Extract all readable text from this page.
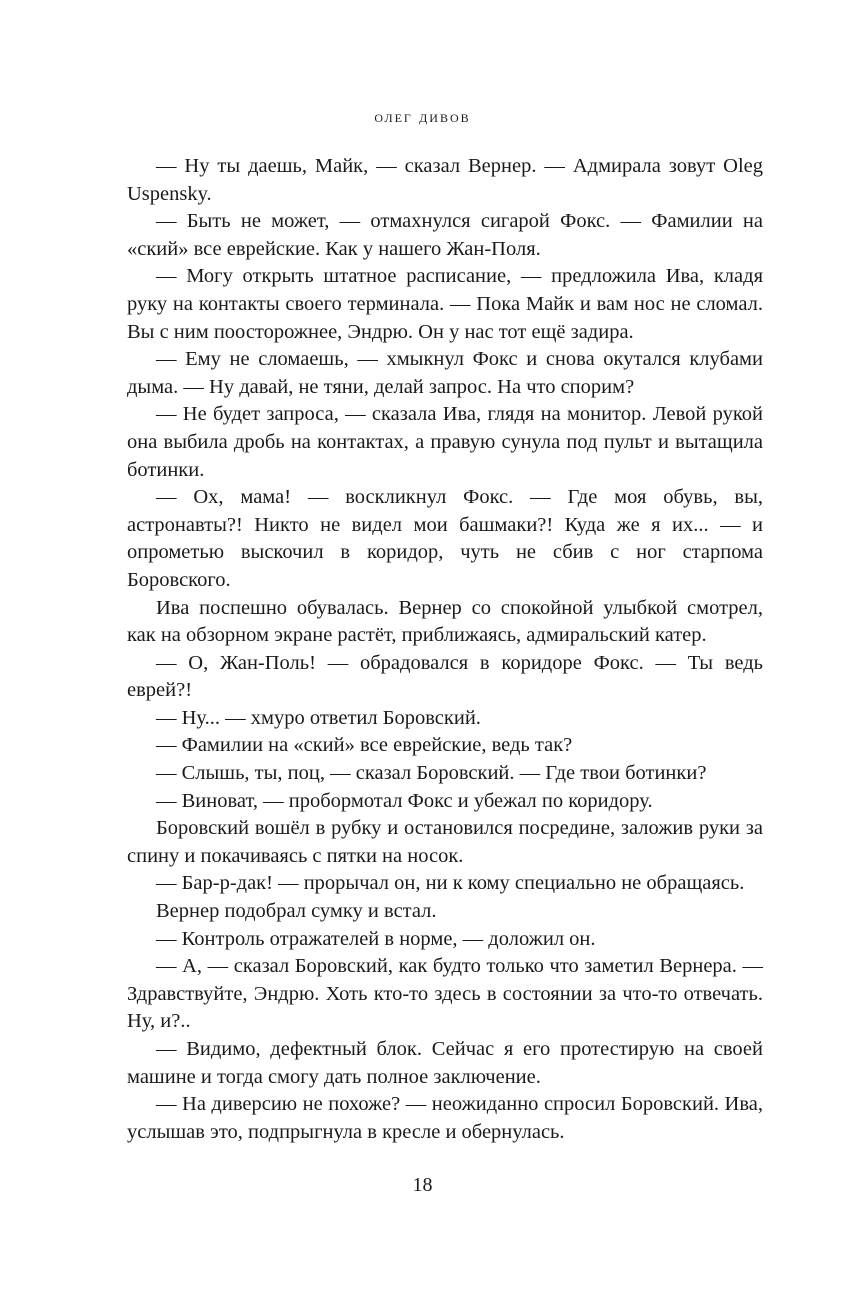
олег дивов

— Ну ты даешь, Майк, — сказал Вернер. — Адмирала зовут Oleg Uspensky.

— Быть не может, — отмахнулся сигарой Фокс. — Фамилии на «ский» все еврейские. Как у нашего Жан-Поля.

— Могу открыть штатное расписание, — предложила Ива, кладя руку на контакты своего терминала. — Пока Майк и вам нос не сломал. Вы с ним поосторожнее, Эндрю. Он у нас тот ещё задира.

— Ему не сломаешь, — хмыкнул Фокс и снова окутался клубами дыма. — Ну давай, не тяни, делай запрос. На что спорим?

— Не будет запроса, — сказала Ива, глядя на монитор. Левой рукой она выбила дробь на контактах, а правую сунула под пульт и вытащила ботинки.

— Ох, мама! — воскликнул Фокс. — Где моя обувь, вы, астронавты?! Никто не видел мои башмаки?! Куда же я их... — и опрометью выскочил в коридор, чуть не сбив с ног старпома Боровского.

Ива поспешно обувалась. Вернер со спокойной улыбкой смотрел, как на обзорном экране растёт, приближаясь, адмиральский катер.

— О, Жан-Поль! — обрадовался в коридоре Фокс. — Ты ведь еврей?!

— Ну... — хмуро ответил Боровский.

— Фамилии на «ский» все еврейские, ведь так?

— Слышь, ты, поц, — сказал Боровский. — Где твои ботинки?

— Виноват, — пробормотал Фокс и убежал по коридору.

Боровский вошёл в рубку и остановился посредине, заложив руки за спину и покачиваясь с пятки на носок.

— Бар-р-дак! — прорычал он, ни к кому специально не обращаясь.

Вернер подобрал сумку и встал.

— Контроль отражателей в норме, — доложил он.

— А, — сказал Боровский, как будто только что заметил Вернера. — Здравствуйте, Эндрю. Хоть кто-то здесь в состоянии за что-то отвечать. Ну, и?..

— Видимо, дефектный блок. Сейчас я его протестирую на своей машине и тогда смогу дать полное заключение.

— На диверсию не похоже? — неожиданно спросил Боровский. Ива, услышав это, подпрыгнула в кресле и обернулась.

18
